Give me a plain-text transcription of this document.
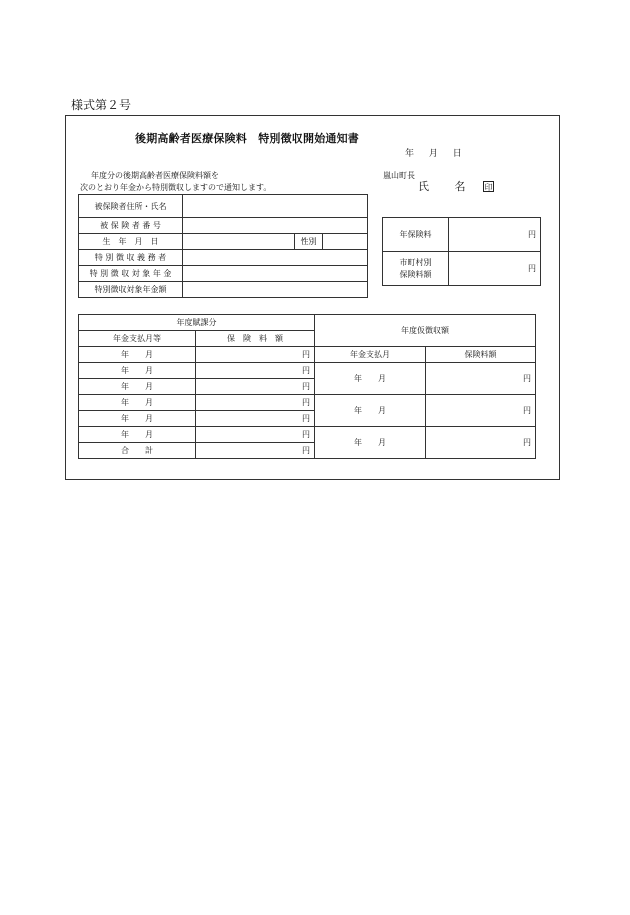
様式第２号
後期高齢者医療保険料　特別徴収開始通知書
年 月 日
年度分の後期高齢者医療保険料額を
次のとおり年金から特別徴収しますので通知します。
嵐山町長
氏 名 印
被保険者住所・氏名			
被 保 険 者 番 号			
生　年　月　日		性別	
特 別 徴 収 義 務 者			
特 別 徴 収 対 象 年 金			
特別徴収対象年金額			
年保険料	円
市町村別
保険料額	円
年度賦課分		年度仮徴収額	
年金支払月等	保　険　料　額		
年　　月	円	年金支払月	保険料額
年　　月	円	年　　月	円
年　　月	円		
年　　月	円	年　　月	円
年　　月	円		
年　　月	円	年　　月	円
合　　計	円		
